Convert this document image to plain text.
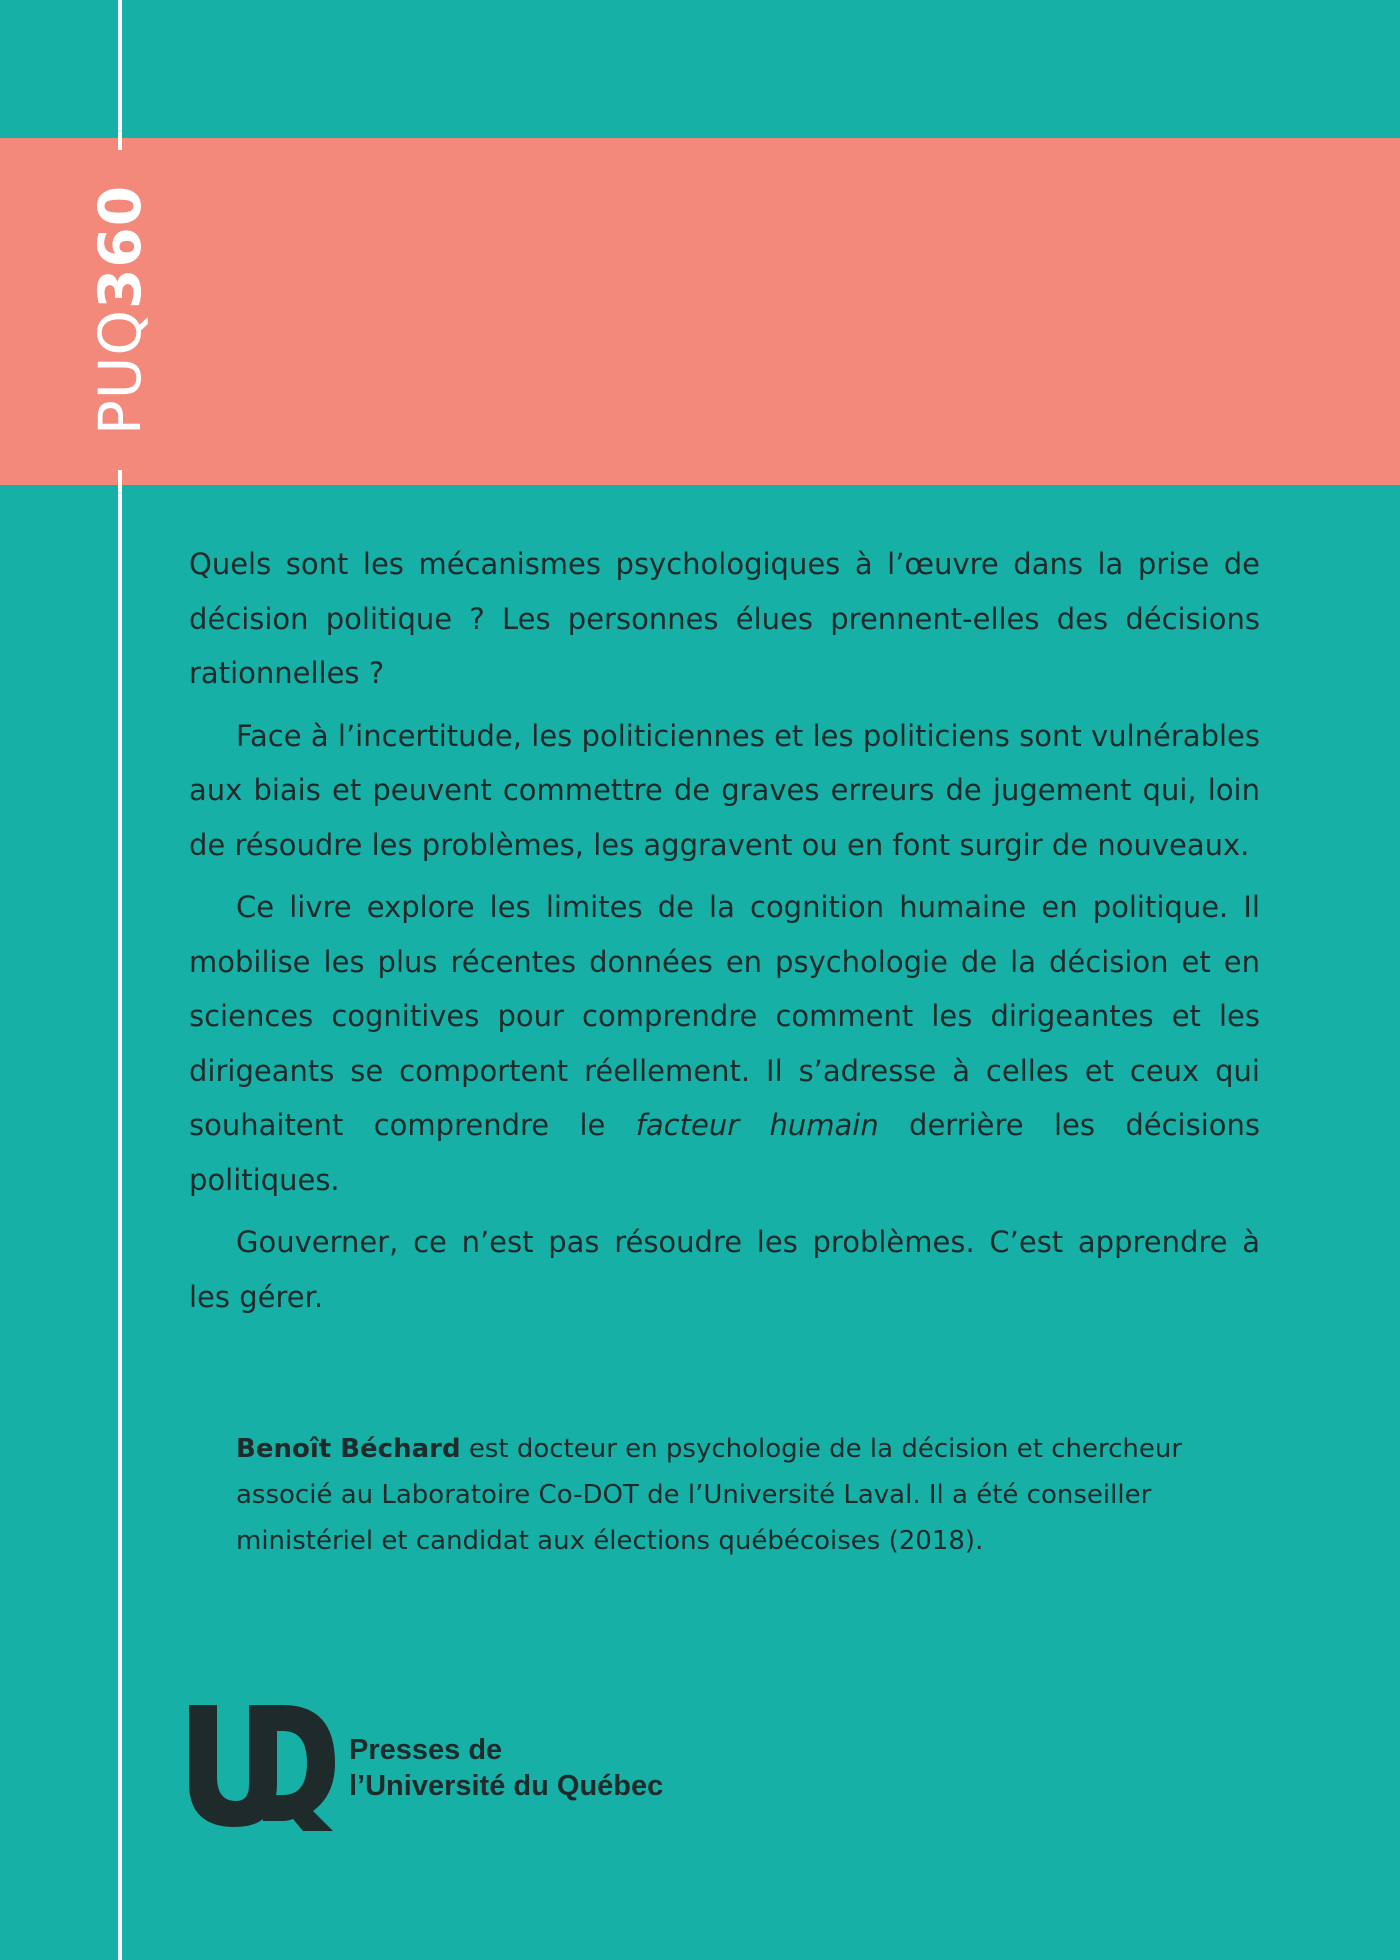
PUQ360

Quels sont les mécanismes psychologiques à l’œuvre dans la prise de décision politique ? Les personnes élues prennent-elles des décisions rationnelles ?

Face à l’incertitude, les politiciennes et les politiciens sont vulnérables aux biais et peuvent commettre de graves erreurs de jugement qui, loin de résoudre les problèmes, les aggravent ou en font surgir de nouveaux.

Ce livre explore les limites de la cognition humaine en politique. Il mobilise les plus récentes données en psychologie de la décision et en sciences cognitives pour comprendre comment les dirigeantes et les dirigeants se comportent réellement. Il s’adresse à celles et ceux qui souhaitent comprendre le facteur humain derrière les décisions politiques.

Gouverner, ce n’est pas résoudre les problèmes. C’est apprendre à les gérer.

Benoît Béchard est docteur en psychologie de la décision et chercheur associé au Laboratoire Co-DOT de l’Université Laval. Il a été conseiller ministériel et candidat aux élections québécoises (2018).
Presses de
l’Université du Québec
